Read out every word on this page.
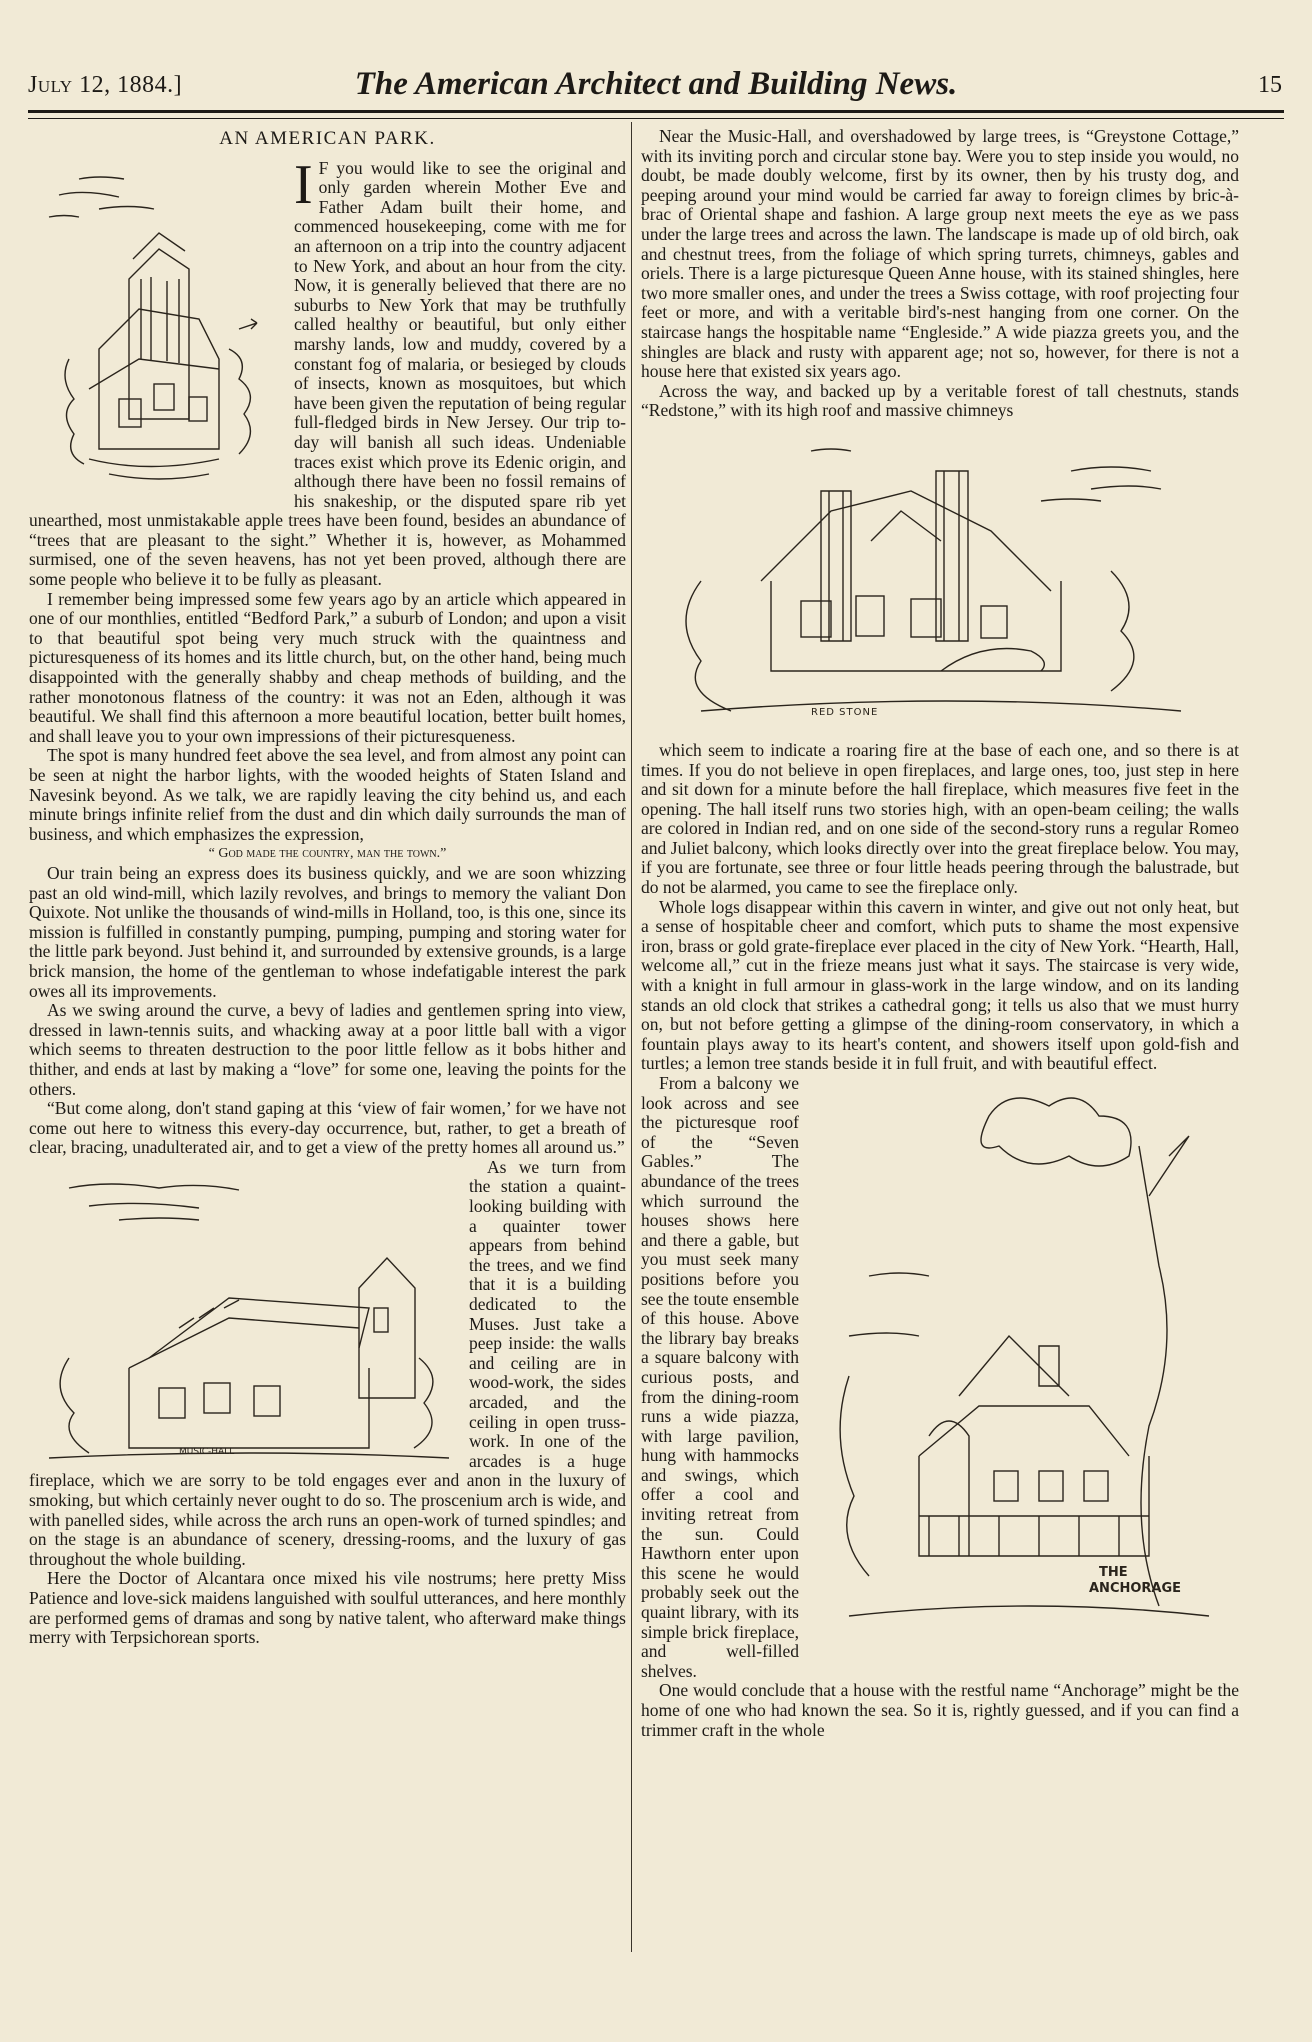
July 12, 1884.]	The American Architect and Building News.	15
AN AMERICAN PARK.

I F you would like to see the original and only garden wherein Mother Eve and Father Adam built their home, and commenced housekeeping, come with me for an afternoon on a trip into the country adjacent to New York, and about an hour from the city. Now, it is generally believed that there are no suburbs to New York that may be truthfully called healthy or beautiful, but only either marshy lands, low and muddy, covered by a constant fog of malaria, or besieged by clouds of insects, known as mosquitoes, but which have been given the reputation of being regular full-fledged birds in New Jersey. Our trip to-day will banish all such ideas. Undeniable traces exist which prove its Edenic origin, and although there have been no fossil remains of his snakeship, or the disputed spare rib yet unearthed, most unmistakable apple trees have been found, besides an abundance of “trees that are pleasant to the sight.” Whether it is, however, as Mohammed surmised, one of the seven heavens, has not yet been proved, although there are some people who believe it to be fully as pleasant.

I remember being impressed some few years ago by an article which appeared in one of our monthlies, entitled “Bedford Park,” a suburb of London; and upon a visit to that beautiful spot being very much struck with the quaintness and picturesqueness of its homes and its little church, but, on the other hand, being much disappointed with the generally shabby and cheap methods of building, and the rather monotonous flatness of the country: it was not an Eden, although it was beautiful. We shall find this afternoon a more beautiful location, better built homes, and shall leave you to your own impressions of their picturesqueness.

The spot is many hundred feet above the sea level, and from almost any point can be seen at night the harbor lights, with the wooded heights of Staten Island and Navesink beyond. As we talk, we are rapidly leaving the city behind us, and each minute brings infinite relief from the dust and din which daily surrounds the man of business, and which emphasizes the expression,

“ God made the country, man the town.”

Our train being an express does its business quickly, and we are soon whizzing past an old wind-mill, which lazily revolves, and brings to memory the valiant Don Quixote. Not unlike the thousands of wind-mills in Holland, too, is this one, since its mission is fulfilled in constantly pumping, pumping, pumping and storing water for the little park beyond. Just behind it, and surrounded by extensive grounds, is a large brick mansion, the home of the gentleman to whose indefatigable interest the park owes all its improvements.

As we swing around the curve, a bevy of ladies and gentlemen spring into view, dressed in lawn-tennis suits, and whacking away at a poor little ball with a vigor which seems to threaten destruction to the poor little fellow as it bobs hither and thither, and ends at last by making a “love” for some one, leaving the points for the others.

“But come along, don't stand gaping at this ‘view of fair women,’ for we have not come out here to witness this every-day occurrence, but, rather, to get a breath of clear, bracing, unadulterated air, and to get a view of the pretty homes all around us.”

MUSIC-HALL

As we turn from the station a quaint-looking building with a quainter tower appears from behind the trees, and we find that it is a building dedicated to the Muses. Just take a peep inside: the walls and ceiling are in wood-work, the sides arcaded, and the ceiling in open truss-work. In one of the arcades is a huge fireplace, which we are sorry to be told engages ever and anon in the luxury of smoking, but which certainly never ought to do so. The proscenium arch is wide, and with panelled sides, while across the arch runs an open-work of turned spindles; and on the stage is an abundance of scenery, dressing-rooms, and the luxury of gas throughout the whole building.

Here the Doctor of Alcantara once mixed his vile nostrums; here pretty Miss Patience and love-sick maidens languished with soulful utterances, and here monthly are performed gems of dramas and song by native talent, who afterward make things merry with Terpsichorean sports.

Near the Music-Hall, and overshadowed by large trees, is “Greystone Cottage,” with its inviting porch and circular stone bay. Were you to step inside you would, no doubt, be made doubly welcome, first by its owner, then by his trusty dog, and peeping around your mind would be carried far away to foreign climes by bric-à-brac of Oriental shape and fashion. A large group next meets the eye as we pass under the large trees and across the lawn. The landscape is made up of old birch, oak and chestnut trees, from the foliage of which spring turrets, chimneys, gables and oriels. There is a large picturesque Queen Anne house, with its stained shingles, here two more smaller ones, and under the trees a Swiss cottage, with roof projecting four feet or more, and with a veritable bird's-nest hanging from one corner. On the staircase hangs the hospitable name “Engleside.” A wide piazza greets you, and the shingles are black and rusty with apparent age; not so, however, for there is not a house here that existed six years ago.

Across the way, and backed up by a veritable forest of tall chestnuts, stands “Redstone,” with its high roof and massive chimneys

RED STONE

which seem to indicate a roaring fire at the base of each one, and so there is at times. If you do not believe in open fireplaces, and large ones, too, just step in here and sit down for a minute before the hall fireplace, which measures five feet in the opening. The hall itself runs two stories high, with an open-beam ceiling; the walls are colored in Indian red, and on one side of the second-story runs a regular Romeo and Juliet balcony, which looks directly over into the great fireplace below. You may, if you are fortunate, see three or four little heads peering through the balustrade, but do not be alarmed, you came to see the fireplace only.

Whole logs disappear within this cavern in winter, and give out not only heat, but a sense of hospitable cheer and comfort, which puts to shame the most expensive iron, brass or gold grate-fireplace ever placed in the city of New York. “Hearth, Hall, welcome all,” cut in the frieze means just what it says. The staircase is very wide, with a knight in full armour in glass-work in the large window, and on its landing stands an old clock that strikes a cathedral gong; it tells us also that we must hurry on, but not before getting a glimpse of the dining-room conservatory, in which a fountain plays away to its heart's content, and showers itself upon gold-fish and turtles; a lemon tree stands beside it in full fruit, and with beautiful effect.

THE
ANCHORAGE

From a balcony we look across and see the picturesque roof of the “Seven Gables.” The abundance of the trees which surround the houses shows here and there a gable, but you must seek many positions before you see the toute ensemble of this house. Above the library bay breaks a square balcony with curious posts, and from the dining-room runs a wide piazza, with large pavilion, hung with hammocks and swings, which offer a cool and inviting retreat from the sun. Could Hawthorn enter upon this scene he would probably seek out the quaint library, with its simple brick fireplace, and well-filled shelves.

One would conclude that a house with the restful name “Anchorage” might be the home of one who had known the sea. So it is, rightly guessed, and if you can find a trimmer craft in the whole
